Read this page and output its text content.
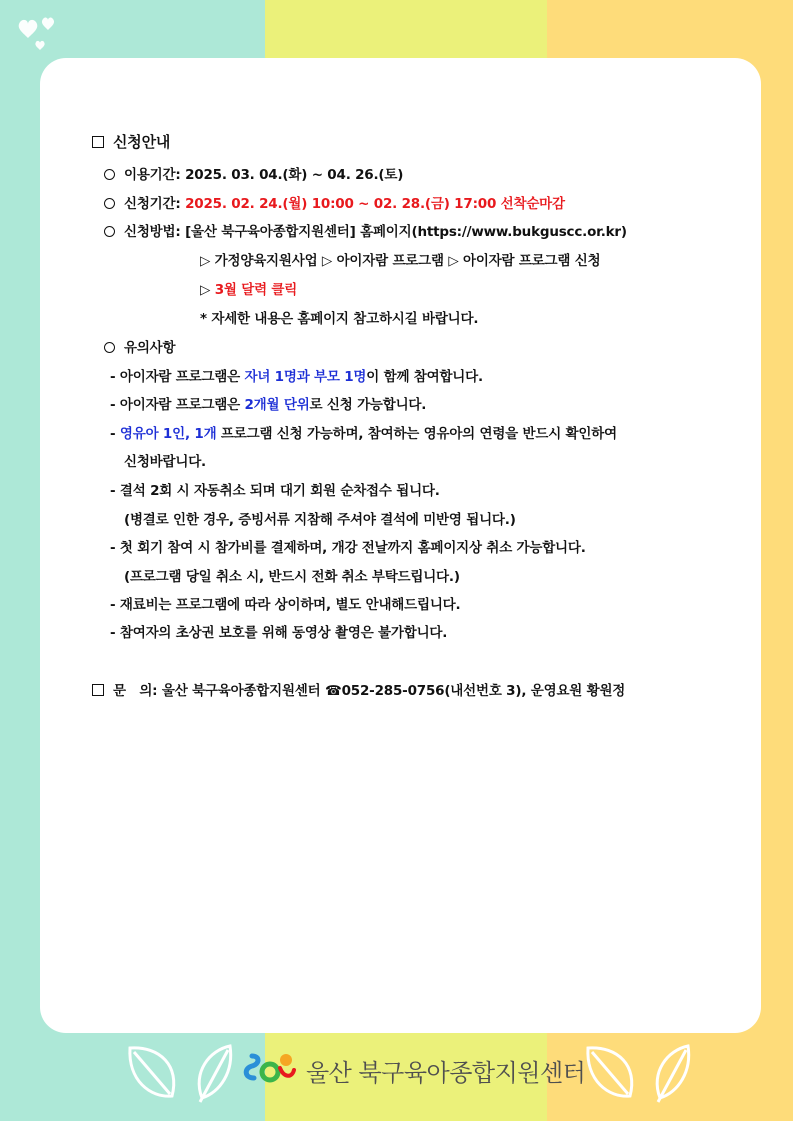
신청안내
이용기간: 2025. 03. 04.(화) ~ 04. 26.(토)
신청기간: 2025. 02. 24.(월) 10:00 ~ 02. 28.(금) 17:00 선착순마감
신청방법: [울산 북구육아종합지원센터] 홈페이지(https://www.bukguscc.or.kr)
▷ 가정양육지원사업 ▷ 아이자람 프로그램 ▷ 아이자람 프로그램 신청
▷ 3월 달력 클릭
* 자세한 내용은 홈페이지 참고하시길 바랍니다.
유의사항
- 아이자람 프로그램은 자녀 1명과 부모 1명이 함께 참여합니다.
- 아이자람 프로그램은 2개월 단위로 신청 가능합니다.
- 영유아 1인, 1개 프로그램 신청 가능하며, 참여하는 영유아의 연령을 반드시 확인하여
신청바랍니다.
- 결석 2회 시 자동취소 되며 대기 회원 순차접수 됩니다.
(병결로 인한 경우, 증빙서류 지참해 주셔야 결석에 미반영 됩니다.)
- 첫 회기 참여 시 참가비를 결제하며, 개강 전날까지 홈페이지상 취소 가능합니다.
(프로그램 당일 취소 시, 반드시 전화 취소 부탁드립니다.)
- 재료비는 프로그램에 따라 상이하며, 별도 안내해드립니다.
- 참여자의 초상권 보호를 위해 동영상 촬영은 불가합니다.
문   의: 울산 북구육아종합지원센터 ☎052-285-0756(내선번호 3), 운영요원 황원정
울산 북구육아종합지원센터
